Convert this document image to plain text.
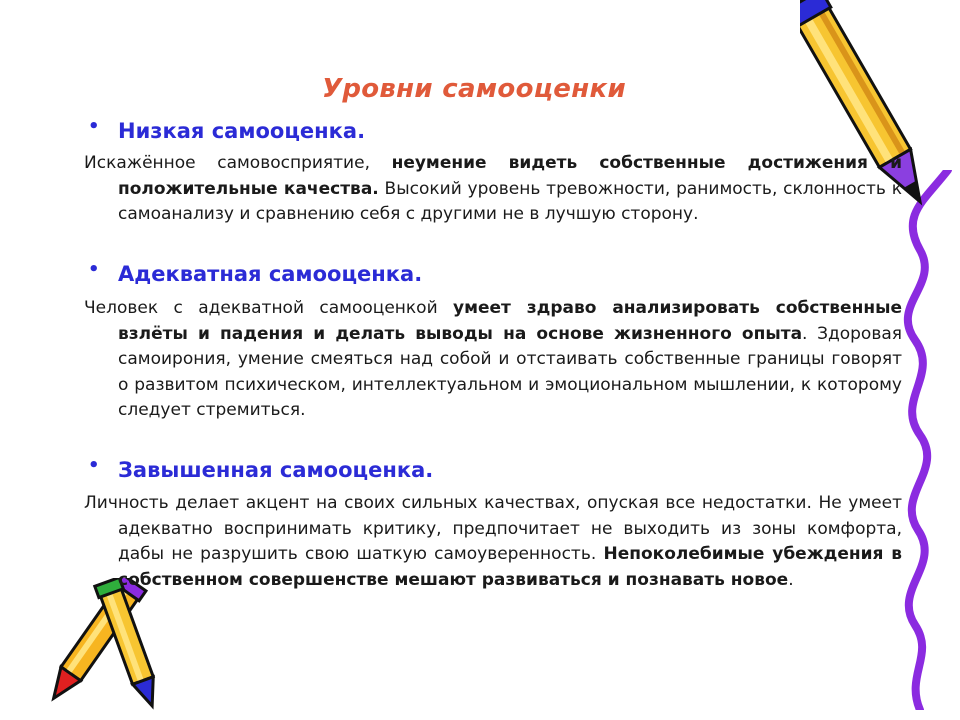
Уровни самооценки
• Низкая самооценка.
Искажённое самовосприятие, неумение видеть собственные достижения и положительные качества. Высокий уровень тревожности, ранимость, склонность к самоанализу и сравнению себя с другими не в лучшую сторону.
• Адекватная самооценка.
Человек с адекватной самооценкой умеет здраво анализировать собственные взлёты и падения и делать выводы на основе жизненного опыта. Здоровая самоирония, умение смеяться над собой и отстаивать собственные границы говорят о развитом психическом, интеллектуальном и эмоциональном мышлении, к которому следует стремиться.
• Завышенная самооценка.
Личность делает акцент на своих сильных качествах, опуская все недостатки. Не умеет адекватно воспринимать критику, предпочитает не выходить из зоны комфорта, дабы не разрушить свою шаткую самоуверенность. Непоколебимые убеждения в собственном совершенстве мешают развиваться и познавать новое.
